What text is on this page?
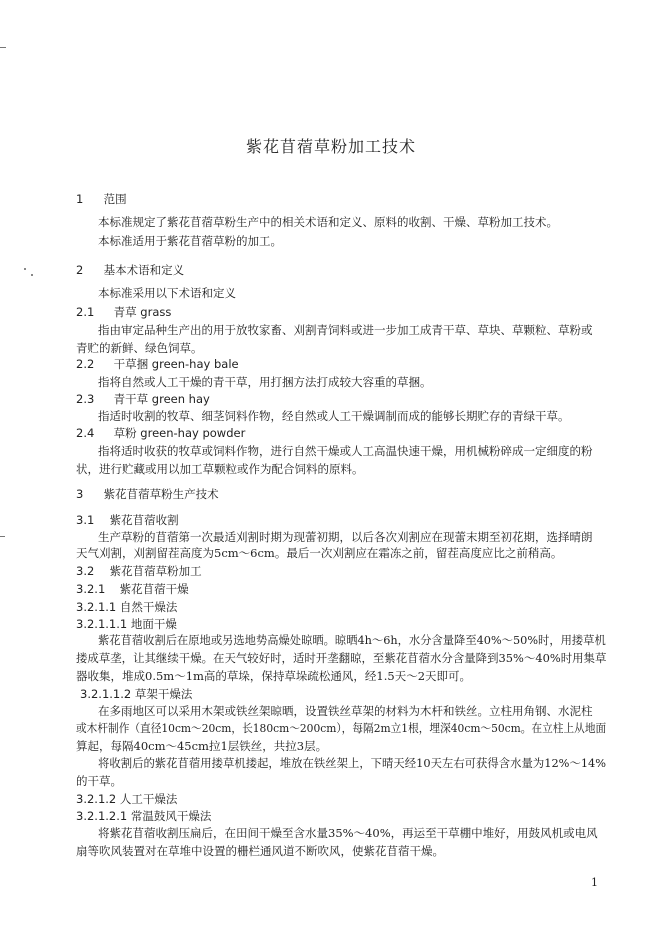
紫花苜蓿草粉加工技术
1 范围
本标准规定了紫花苜蓿草粉生产中的相关术语和定义、原料的收割、干燥、草粉加工技术。
本标准适用于紫花苜蓿草粉的加工。
2 基本术语和定义
本标准采用以下术语和定义
2.1 青草 grass
指由审定品种生产出的用于放牧家畜、刈割青饲料或进一步加工成青干草、草块、草颗粒、草粉或
青贮的新鲜、绿色饲草。
2.2 干草捆 green-hay bale
指将自然或人工干燥的青干草，用打捆方法打成较大容重的草捆。
2.3 青干草 green hay
指适时收割的牧草、细茎饲料作物，经自然或人工干燥调制而成的能够长期贮存的青绿干草。
2.4 草粉 green-hay powder
指将适时收获的牧草或饲料作物，进行自然干燥或人工高温快速干燥，用机械粉碎成一定细度的粉
状，进行贮藏或用以加工草颗粒或作为配合饲料的原料。
3 紫花苜蓿草粉生产技术
3.1 紫花苜蓿收割
生产草粉的苜蓿第一次最适刈割时期为现蕾初期，以后各次刈割应在现蕾末期至初花期，选择晴朗
天气刈割，刈割留茬高度为5cm～6cm。最后一次刈割应在霜冻之前，留茬高度应比之前稍高。
3.2 紫花苜蓿草粉加工
3.2.1 紫花苜蓿干燥
3.2.1.1 自然干燥法
3.2.1.1.1 地面干燥
紫花苜蓿收割后在原地或另选地势高燥处晾晒。晾晒4h～6h，水分含量降至40%～50%时，用搂草机
搂成草垄，让其继续干燥。在天气较好时，适时开垄翻晾，至紫花苜蓿水分含量降到35%～40%时用集草
器收集，堆成0.5m～1m高的草垛，保持草垛疏松通风，经1.5天～2天即可。
3.2.1.1.2 草架干燥法
在多雨地区可以采用木架或铁丝架晾晒，设置铁丝草架的材料为木杆和铁丝。立柱用角钢、水泥柱
或木杆制作（直径10cm～20cm，长180cm～200cm），每隔2m立1根，埋深40cm～50cm。在立柱上从地面
算起，每隔40cm～45cm拉1层铁丝，共拉3层。
将收割后的紫花苜蓿用搂草机搂起，堆放在铁丝架上，下晴天经10天左右可获得含水量为12%～14%
的干草。
3.2.1.2 人工干燥法
3.2.1.2.1 常温鼓风干燥法
将紫花苜蓿收割压扁后，在田间干燥至含水量35%～40%，再运至干草棚中堆好，用鼓风机或电风
扇等吹风装置对在草堆中设置的栅栏通风道不断吹风，使紫花苜蓿干燥。
1
